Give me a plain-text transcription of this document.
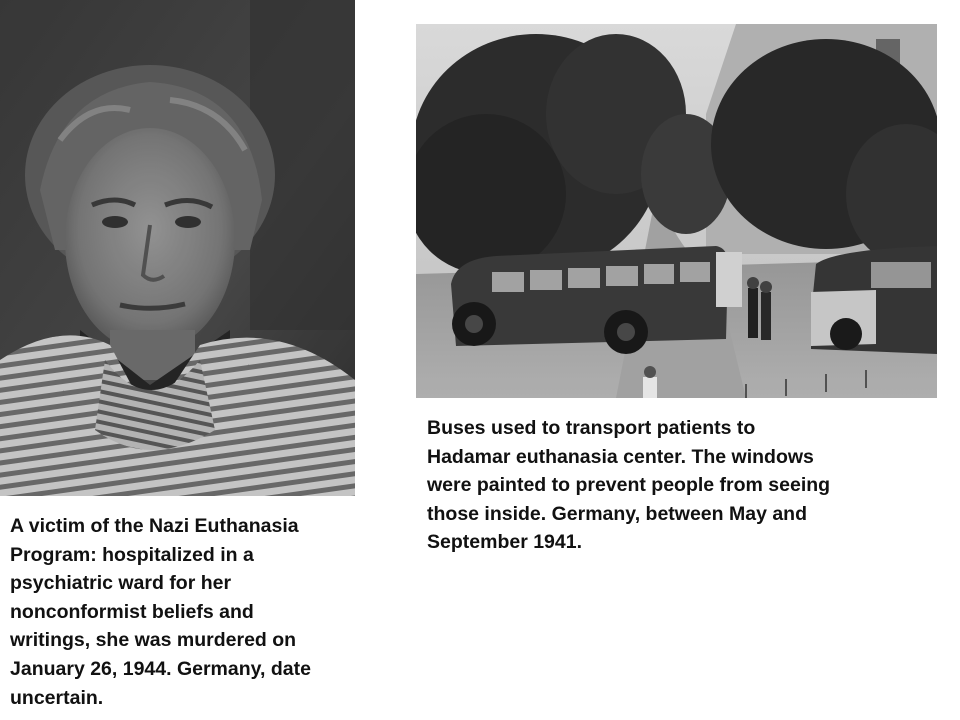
Buses used to transport patients to
Hadamar euthanasia center. The windows
were painted to prevent people from seeing
those inside. Germany, between May and
September 1941.

A victim of the Nazi Euthanasia
Program: hospitalized in a
psychiatric ward for her
nonconformist beliefs and
writings, she was murdered on
January 26, 1944. Germany, date
uncertain.
